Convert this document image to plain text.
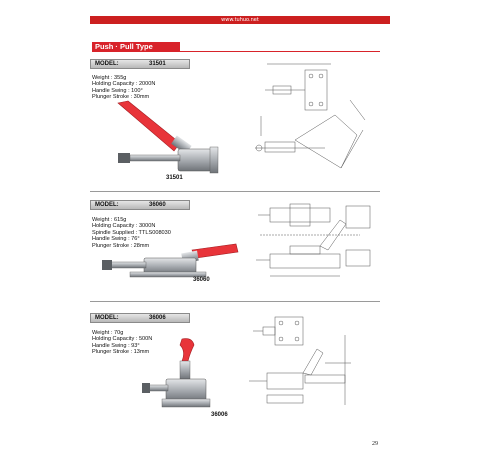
www.tuhuo.net
Push · Pull Type
MODEL:	31501
Weight : 355g
Holding Capacity : 2000N
Handle Swing : 100°
Plunger Stroke : 30mm
31501
MODEL:	36060
Weight : 615g
Holding Capacity : 3000N
Spindle Supplied : TTLS008030
Handle Swing : 76°
Plunger Stroke : 28mm
36060
MODEL:	36006
Weight : 70g
Holding Capacity : 500N
Handle Swing : 93°
Plunger Stroke : 13mm
36006
29
